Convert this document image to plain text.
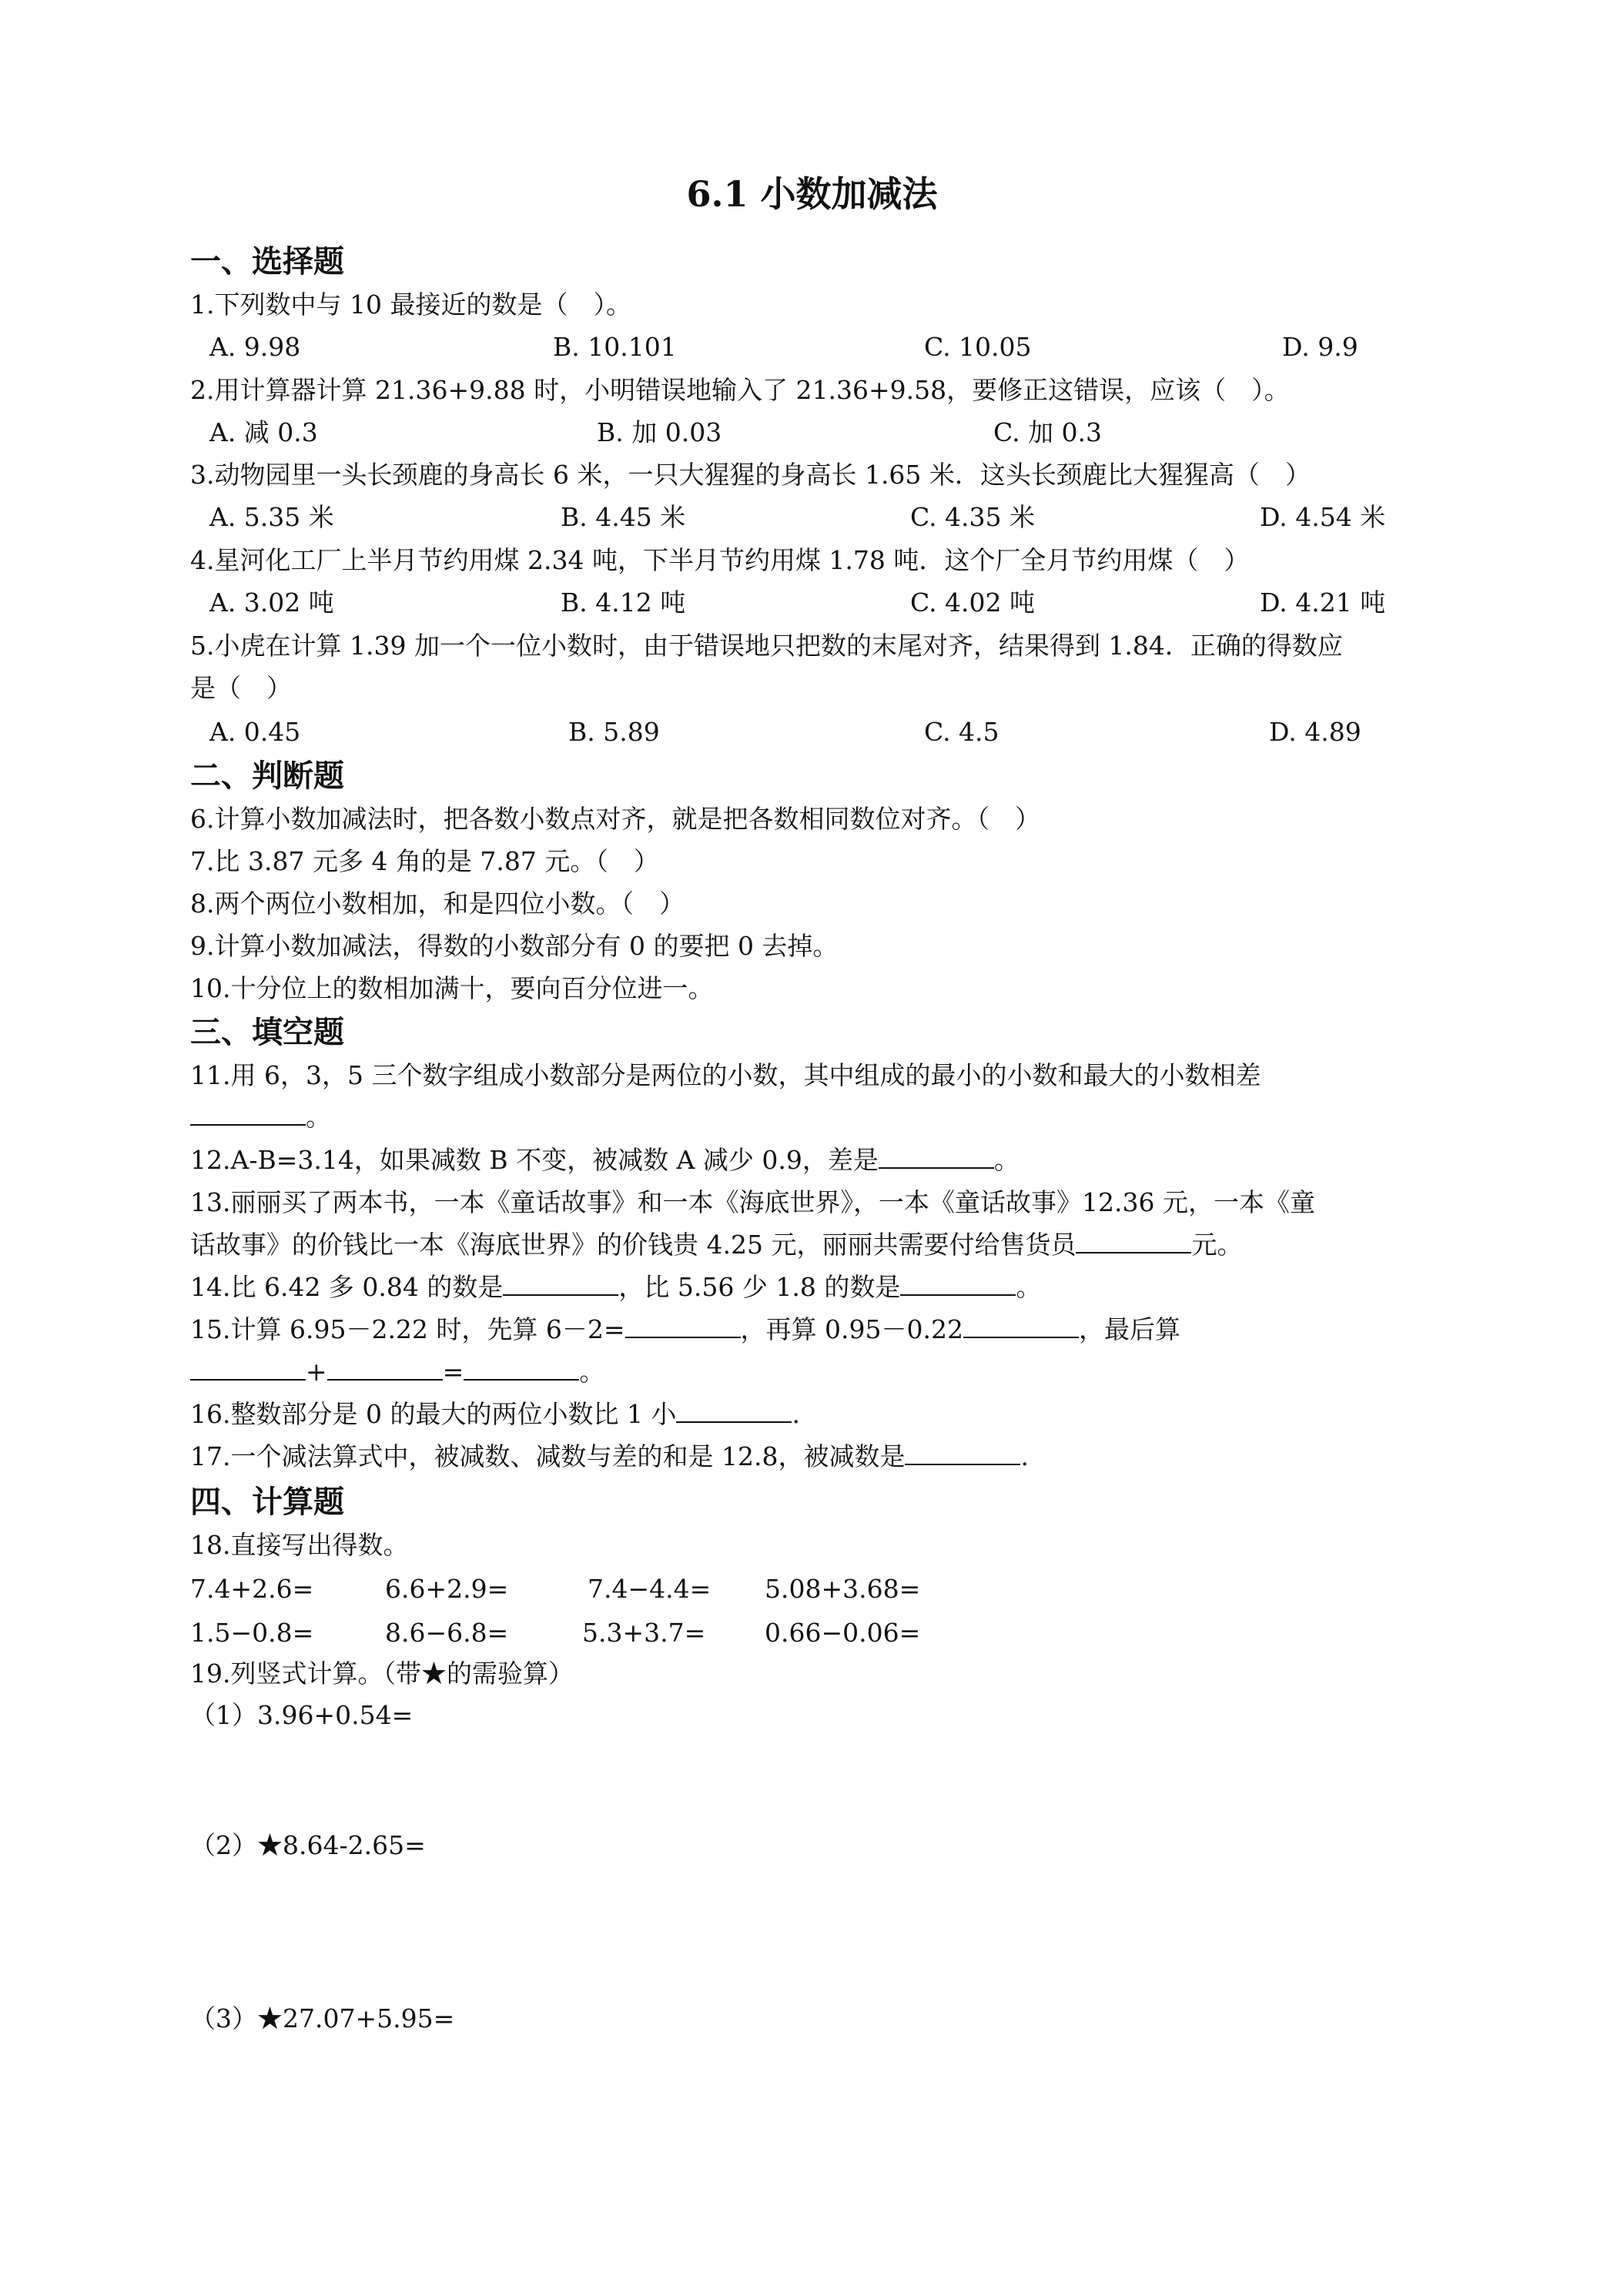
6.1 小数加减法
一、选择题
1.下列数中与 10 最接近的数是（　）。
A. 9.98	B. 10.101	C. 10.05	D. 9.9
2.用计算器计算 21.36+9.88 时，小明错误地输入了 21.36+9.58，要修正这错误，应该（　）。
A. 减 0.3	B. 加 0.03	C. 加 0.3
3.动物园里一头长颈鹿的身高长 6 米，一只大猩猩的身高长 1.65 米．这头长颈鹿比大猩猩高（　）
A. 5.35 米	B. 4.45 米	C. 4.35 米	D. 4.54 米
4.星河化工厂上半月节约用煤 2.34 吨，下半月节约用煤 1.78 吨．这个厂全月节约用煤（　）
A. 3.02 吨	B. 4.12 吨	C. 4.02 吨	D. 4.21 吨
5.小虎在计算 1.39 加一个一位小数时，由于错误地只把数的末尾对齐，结果得到 1.84．正确的得数应
是（　）
A. 0.45	B. 5.89	C. 4.5	D. 4.89
二、判断题
6.计算小数加减法时，把各数小数点对齐，就是把各数相同数位对齐。（　）
7.比 3.87 元多 4 角的是 7.87 元。（　）
8.两个两位小数相加，和是四位小数。（　）
9.计算小数加减法，得数的小数部分有 0 的要把 0 去掉。
10.十分位上的数相加满十，要向百分位进一。
三、填空题
11.用 6，3，5 三个数字组成小数部分是两位的小数，其中组成的最小的小数和最大的小数相差
。
12.A-B=3.14，如果减数 B 不变，被减数 A 减少 0.9，差是	。
13.丽丽买了两本书，一本《童话故事》和一本《海底世界》，一本《童话故事》12.36 元，一本《童
话故事》的价钱比一本《海底世界》的价钱贵 4.25 元，丽丽共需要付给售货员	元。
14.比 6.42 多 0.84 的数是	，比 5.56 少 1.8 的数是	。
15.计算 6.95－2.22 时，先算 6－2=	，再算 0.95－0.22	，最后算
+	=	。
16.整数部分是 0 的最大的两位小数比 1 小	.
17.一个减法算式中，被减数、减数与差的和是 12.8，被减数是	.
四、计算题
18.直接写出得数。
7.4+2.6=	6.6+2.9=	7.4−4.4= 5.08+3.68=
1.5−0.8=	8.6−6.8=	5.3+3.7= 0.66−0.06=
19.列竖式计算。（带★的需验算）
（1）3.96+0.54=
（2）★8.64-2.65=
（3）★27.07+5.95=
